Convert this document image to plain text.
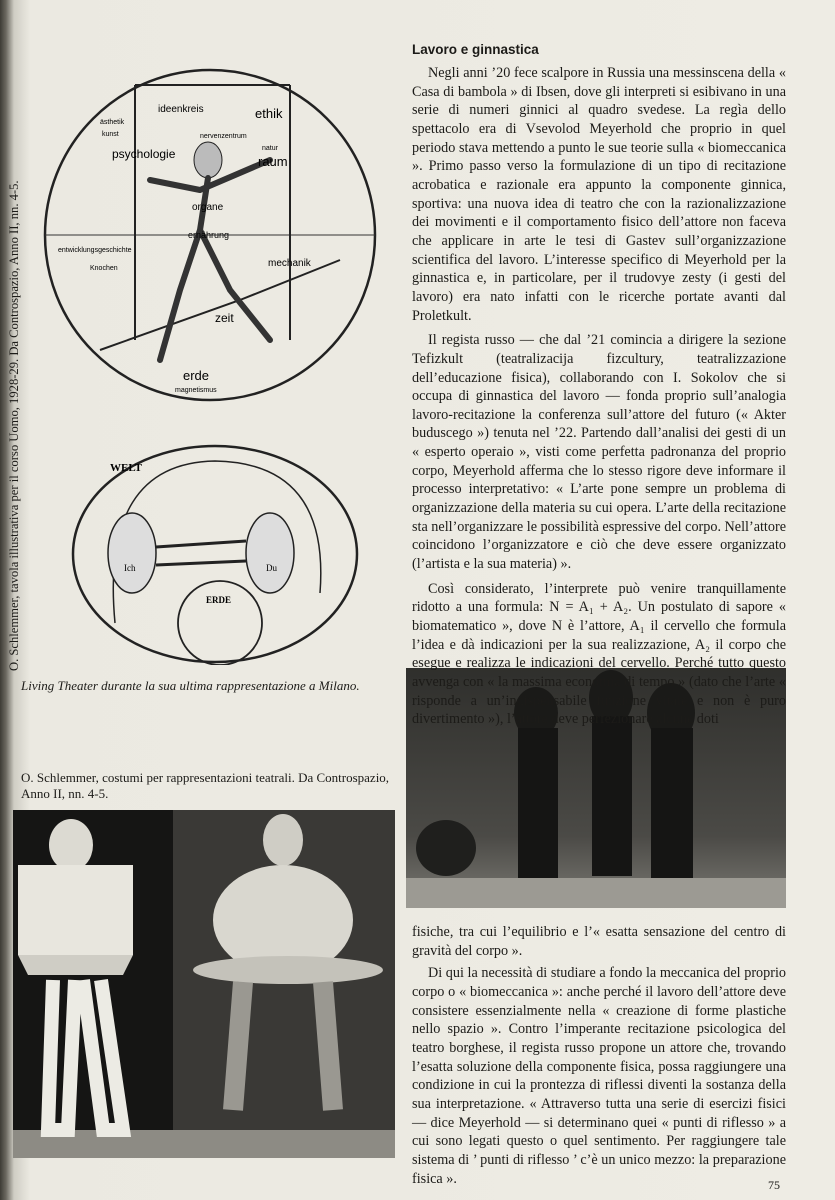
ethik
ideenkreis
ästhetik
kunst
psychologie	raum
nervenzentrum
natur
ernährung
organe
entwicklungsgeschichte
Knochen	mechanik
zeit
erde
magnetismus
WELT
ERDE
Ich	Du
O. Schlemmer, tavola illustrativa per il corso Uomo, 1928-29. Da Controspazio, Anno II, nn. 4-5.
Living Theater durante la sua ultima rappresentazione a Milano.
O. Schlemmer, costumi per rappresentazioni teatrali. Da Controspazio, Anno II, nn. 4-5.
Lavoro e ginnastica

Negli anni ’20 fece scalpore in Russia una messinscena della « Casa di bambola » di Ibsen, dove gli interpreti si esibivano in una serie di numeri ginnici al quadro svedese. La regìa dello spettacolo era di Vsevolod Meyerhold che proprio in quel periodo stava mettendo a punto le sue teorie sulla « biomeccanica ». Primo passo verso la formulazione di un tipo di recitazione acrobatica e razionale era appunto la componente ginnica, sportiva: una nuova idea di teatro che con la razionalizzazione dei movimenti e il comportamento fisico dell’attore non faceva che applicare in arte le tesi di Gastev sull’organizzazione scientifica del lavoro. L’interesse specifico di Meyerhold per la ginnastica e, in particolare, per il trudovye zesty (i gesti del lavoro) era nato infatti con le ricerche portate avanti dal Proletkult.

Il regista russo — che dal ’21 comincia a dirigere la sezione Tefizkult (teatralizacija fizculturу, teatralizzazione dell’educazione fisica), collaborando con I. Sokolov che si occupa di ginnastica del lavoro — fonda proprio sull’analogia lavoro-recitazione la conferenza sull’attore del futuro (« Akter buduscego ») tenuta nel ’22. Partendo dall’analisi dei gesti di un « esperto operaio », visti come perfetta padronanza del proprio corpo, Meyerhold afferma che lo stesso rigore deve informare il processo interpretativo: « L’arte pone sempre un problema di organizzazione della materia su cui opera. L’arte della recitazione sta nell’organizzare le possibilità espressive del corpo. Nell’attore coincidono l’organizzatore e ciò che deve essere organizzato (l’artista e la sua materia) ».

Così considerato, l’interprete può venire tranquillamente ridotto a una formula: N = A₁ + A₂. Un postulato di sapore « biomatematico », dove N è l’attore, A₁ il cervello che formula l’idea e dà indicazioni per la sua realizzazione, A₂ il corpo che esegue e realizza le indicazioni del cervello. Perché tutto questo avvenga con « la massima economia di tempo » (dato che l’arte « risponde a un’indispensabile funzione vitale e non è puro divertimento »), l’attore deve perfezionare alcune doti

fisiche, tra cui l’equilibrio e l’« esatta sensazione del centro di gravità del corpo ».

Di qui la necessità di studiare a fondo la meccanica del proprio corpo o « biomeccanica »: anche perché il lavoro dell’attore deve consistere essenzialmente nella « creazione di forme plastiche nello spazio ». Contro l’imperante recitazione psicologica del teatro borghese, il regista russo propone un attore che, trovando l’esatta soluzione della componente fisica, possa raggiungere una condizione in cui la prontezza di riflessi diventi la sostanza della sua interpretazione. « Attraverso tutta una serie di esercizi fisici — dice Meyerhold — si determinano quei « punti di riflesso » a cui sono legati questo o quel sentimento. Per raggiungere tale sistema di ’ punti di riflesso ’ c’è un unico mezzo: la preparazione fisica ».	75
